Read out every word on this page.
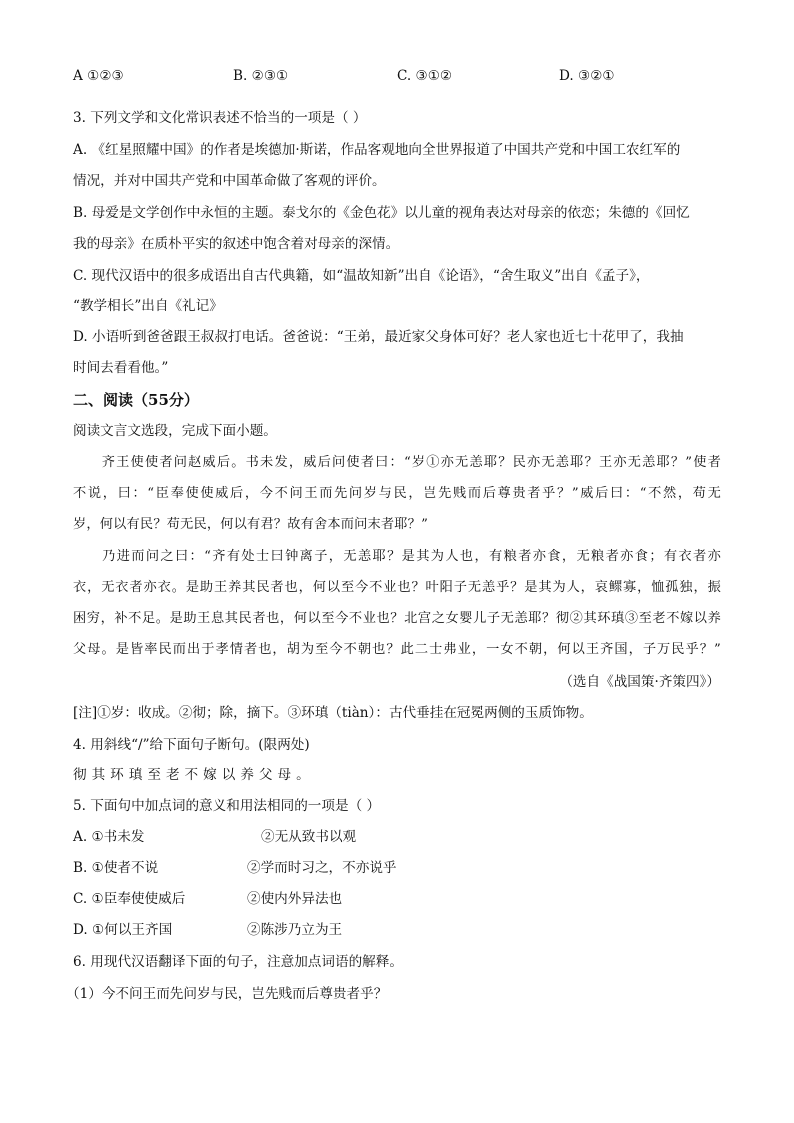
A ①②③	B. ②③①	C. ③①②	D. ③②①
3. 下列文学和文化常识表述不恰当的一项是（ ）
A. 《红星照耀中国》的作者是埃德加·斯诺，作品客观地向全世界报道了中国共产党和中国工农红军的
情况，并对中国共产党和中国革命做了客观的评价。
B. 母爱是文学创作中永恒的主题。泰戈尔的《金色花》以儿童的视角表达对母亲的依恋；朱德的《回忆
我的母亲》在质朴平实的叙述中饱含着对母亲的深情。
C. 现代汉语中的很多成语出自古代典籍，如“温故知新”出自《论语》，“舍生取义”出自《孟子》，
“教学相长”出自《礼记》
D. 小语听到爸爸跟王叔叔打电话。爸爸说：“王弟，最近家父身体可好？老人家也近七十花甲了，我抽
时间去看看他。”
二、阅读（55分）
阅读文言文选段，完成下面小题。
　　齐王使使者问赵威后。书未发，威后问使者曰：“岁①亦无恙耶？民亦无恙耶？王亦无恙耶？”使者
不说，曰：“臣奉使使威后，今不问王而先问岁与民，岂先贱而后尊贵者乎？”威后曰：“不然，苟无
岁，何以有民？苟无民，何以有君？故有舍本而问末者耶？”
　　乃进而问之曰：“齐有处士曰钟离子，无恙耶？是其为人也，有粮者亦食，无粮者亦食；有衣者亦
衣，无衣者亦衣。是助王养其民者也，何以至今不业也？叶阳子无恙乎？是其为人，哀鳏寡，恤孤独，振
困穷，补不足。是助王息其民者也，何以至今不业也？北宫之女婴儿子无恙耶？彻②其环瑱③至老不嫁以养
父母。是皆率民而出于孝情者也，胡为至今不朝也？此二士弗业，一女不朝，何以王齐国，子万民乎？”
（选自《战国策·齐策四》）
[注]①岁：收成。②彻；除，摘下。③环瑱（tiàn）：古代垂挂在冠冕两侧的玉质饰物。
4. 用斜线“/”给下面句子断句。(限两处)
彻其环瑱至老不嫁以养父母。
5. 下面句中加点词的意义和用法相同的一项是（ ）
A. ①书未发	②无从致书以观
B. ①使者不说	②学而时习之，不亦说乎
C. ①臣奉使使威后	②使内外异法也
D. ①何以王齐国	②陈涉乃立为王
6. 用现代汉语翻译下面的句子，注意加点词语的解释。
（1）今不问王而先问岁与民，岂先贱而后尊贵者乎？
